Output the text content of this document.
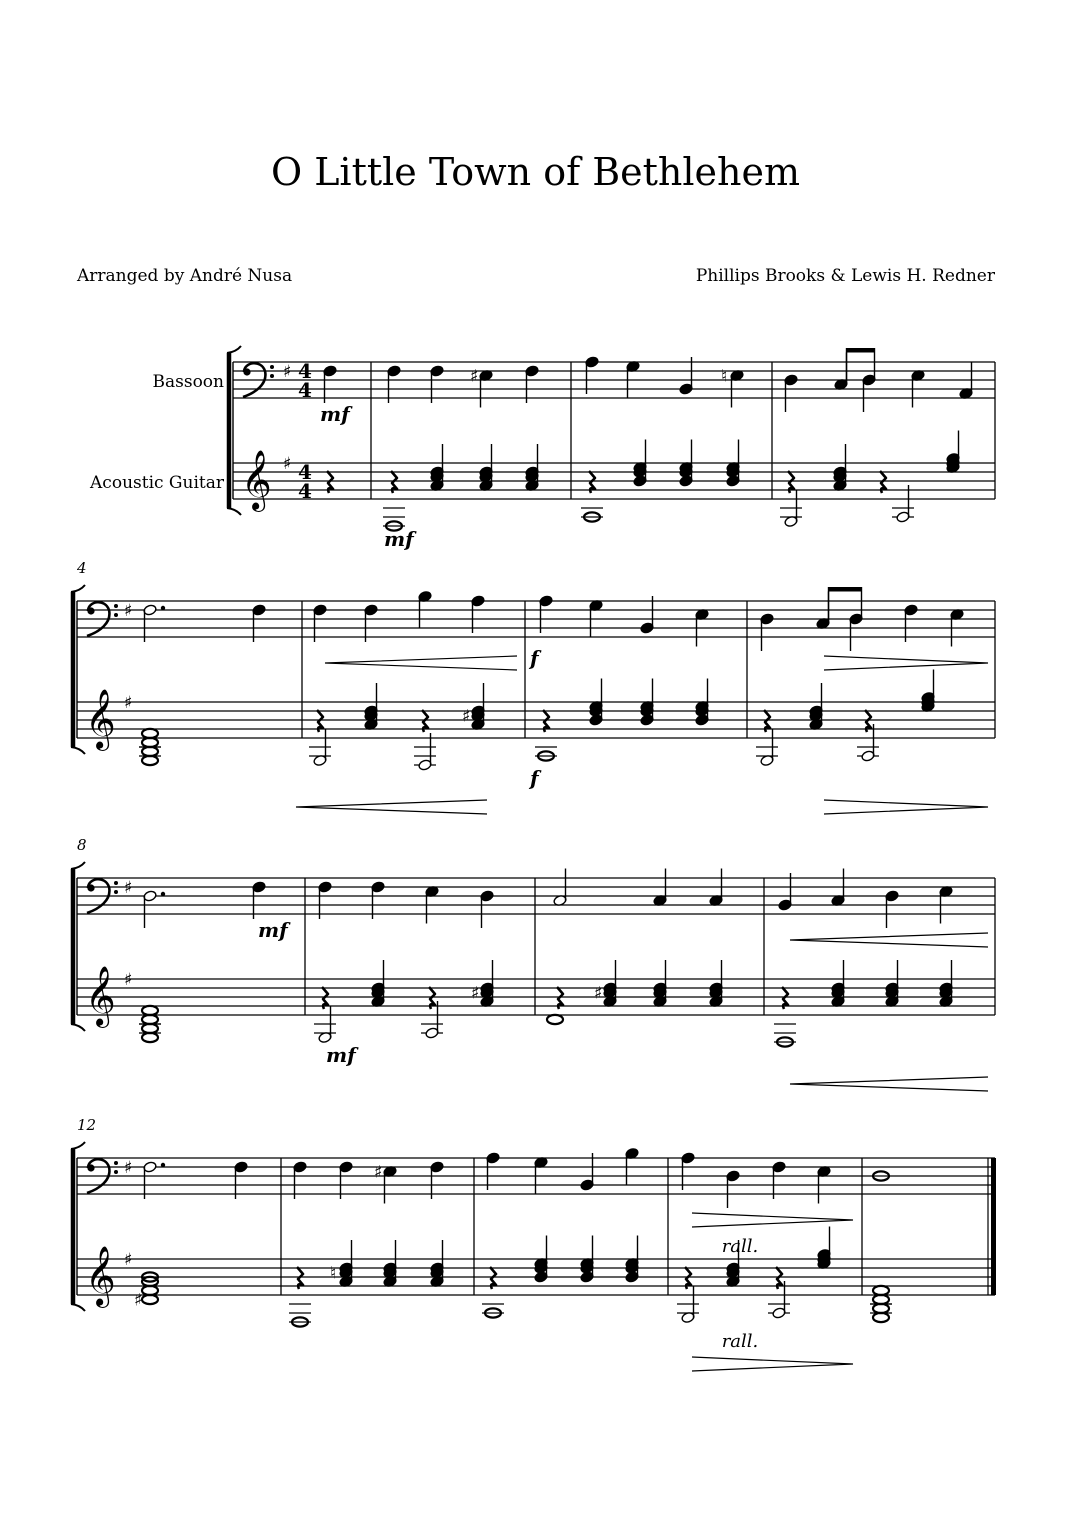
O Little Town of Bethlehem
Arranged by André Nusa	Phillips Brooks & Lewis H. Redner
𝄞
♯
♯
4
4
4
4
Bassoon
Acoustic Guitar
♯	♮
mf
mf
𝄞
♯
♯
4
♯
f
f
𝄞
♯
♯
8
♯	♯
mf
mf
𝄞
♯
♯
12
♯
♯
♮
rall.
rall.
